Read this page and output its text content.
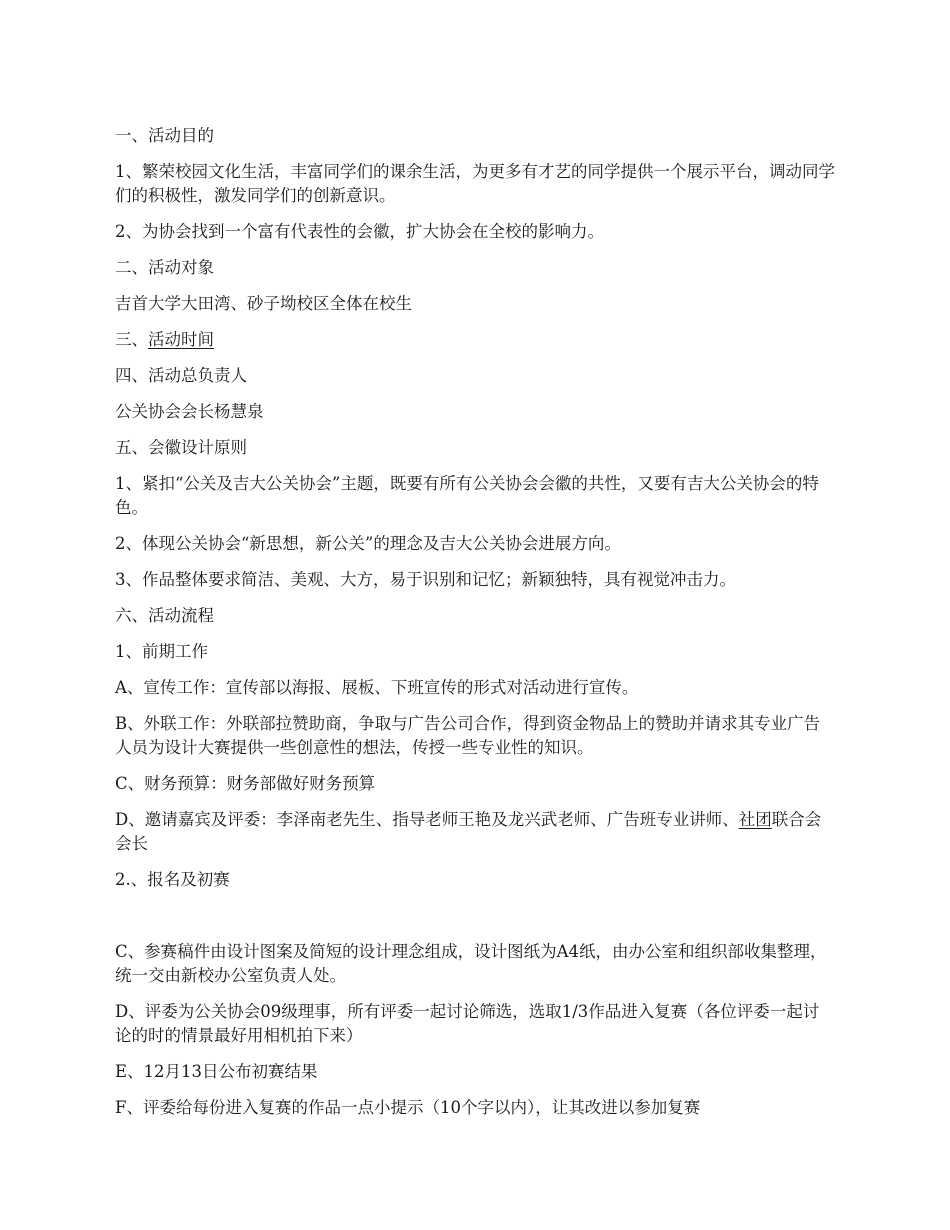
一、活动目的

1、繁荣校园文化生活，丰富同学们的课余生活，为更多有才艺的同学提供一个展示平台，调动同学们的积极性，激发同学们的创新意识。

2、为协会找到一个富有代表性的会徽，扩大协会在全校的影响力。

二、活动对象

吉首大学大田湾、砂子坳校区全体在校生

三、活动时间

四、活动总负责人

公关协会会长杨慧泉

五、会徽设计原则

1、紧扣“公关及吉大公关协会”主题，既要有所有公关协会会徽的共性，又要有吉大公关协会的特色。

2、体现公关协会“新思想，新公关”的理念及吉大公关协会进展方向。

3、作品整体要求简洁、美观、大方，易于识别和记忆；新颖独特，具有视觉冲击力。

六、活动流程

1、前期工作

A、宣传工作：宣传部以海报、展板、下班宣传的形式对活动进行宣传。

B、外联工作：外联部拉赞助商，争取与广告公司合作，得到资金物品上的赞助并请求其专业广告人员为设计大赛提供一些创意性的想法，传授一些专业性的知识。

C、财务预算：财务部做好财务预算

D、邀请嘉宾及评委：李泽南老先生、指导老师王艳及龙兴武老师、广告班专业讲师、社团联合会会长

2.、报名及初赛

C、参赛稿件由设计图案及简短的设计理念组成，设计图纸为A4纸，由办公室和组织部收集整理，统一交由新校办公室负责人处。

D、评委为公关协会09级理事，所有评委一起讨论筛选，选取1/3作品进入复赛（各位评委一起讨论的时的情景最好用相机拍下来）

E、12月13日公布初赛结果

F、评委给每份进入复赛的作品一点小提示（10个字以内），让其改进以参加复赛
